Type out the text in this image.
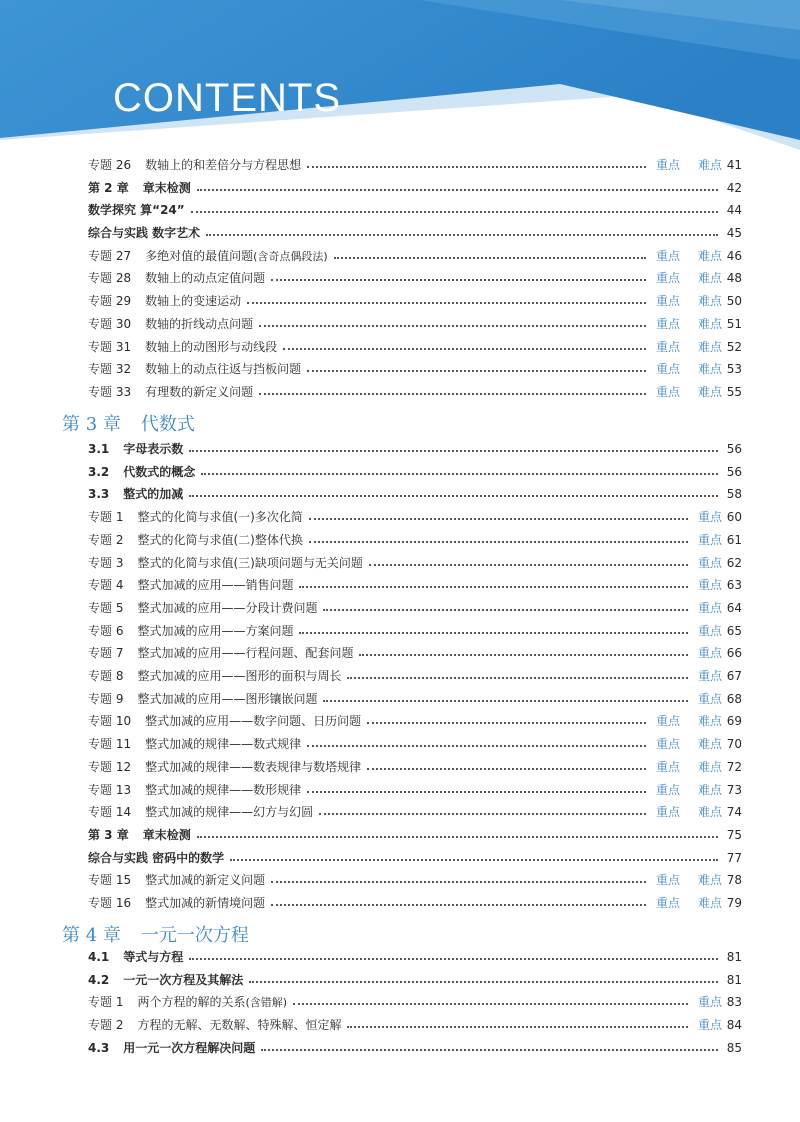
CONTENTS
专题 26 数轴上的和差倍分与方程思想	重点 难点 41
第 2 章 章末检测	42
数学探究 算“24”	44
综合与实践 数字艺术	45
专题 27 多绝对值的最值问题(含奇点偶段法)	重点 难点 46
专题 28 数轴上的动点定值问题	重点 难点 48
专题 29 数轴上的变速运动	重点 难点 50
专题 30 数轴的折线动点问题	重点 难点 51
专题 31 数轴上的动图形与动线段	重点 难点 52
专题 32 数轴上的动点往返与挡板问题	重点 难点 53
专题 33 有理数的新定义问题	重点 难点 55
第 3 章 代数式
3.1 字母表示数	56
3.2 代数式的概念	56
3.3 整式的加减	58
专题 1 整式的化简与求值(一)多次化简	重点 60
专题 2 整式的化简与求值(二)整体代换	重点 61
专题 3 整式的化简与求值(三)缺项问题与无关问题	重点 62
专题 4 整式加减的应用——销售问题	重点 63
专题 5 整式加减的应用——分段计费问题	重点 64
专题 6 整式加减的应用——方案问题	重点 65
专题 7 整式加减的应用——行程问题、配套问题	重点 66
专题 8 整式加减的应用——图形的面积与周长	重点 67
专题 9 整式加减的应用——图形镶嵌问题	重点 68
专题 10 整式加减的应用——数字问题、日历问题	重点 难点 69
专题 11 整式加减的规律——数式规律	重点 难点 70
专题 12 整式加减的规律——数表规律与数塔规律	重点 难点 72
专题 13 整式加减的规律——数形规律	重点 难点 73
专题 14 整式加减的规律——幻方与幻圆	重点 难点 74
第 3 章 章末检测	75
综合与实践 密码中的数学	77
专题 15 整式加减的新定义问题	重点 难点 78
专题 16 整式加减的新情境问题	重点 难点 79
第 4 章 一元一次方程
4.1 等式与方程	81
4.2 一元一次方程及其解法	81
专题 1 两个方程的解的关系(含错解)	重点 83
专题 2 方程的无解、无数解、特殊解、恒定解	重点 84
4.3 用一元一次方程解决问题	85
